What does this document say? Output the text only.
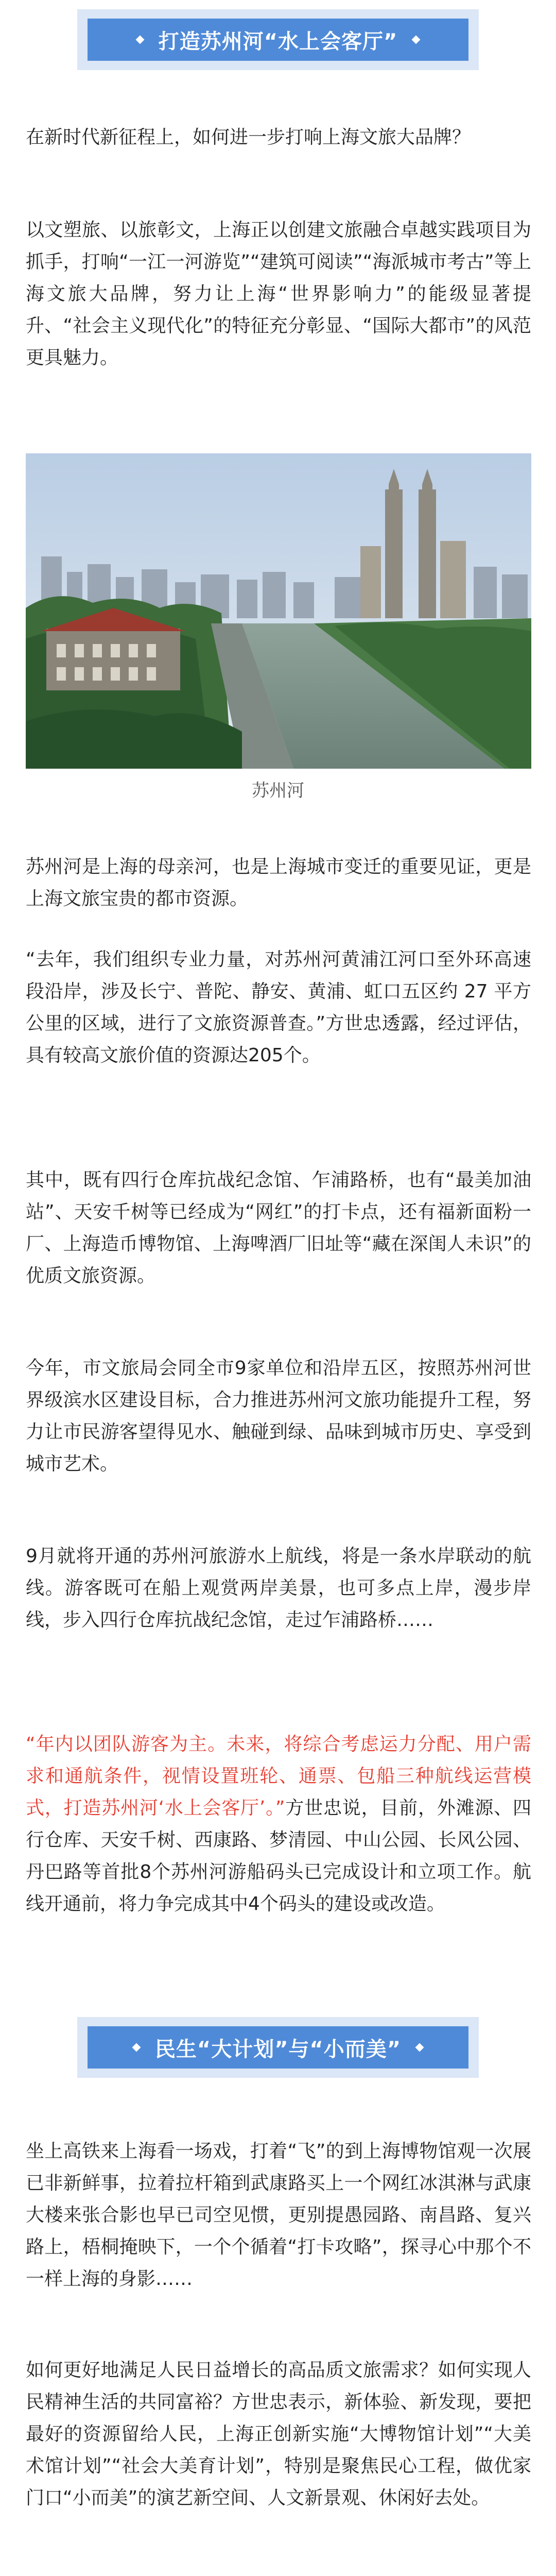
打造苏州河“水上会客厅”

在新时代新征程上，如何进一步打响上海文旅大品牌？

以文塑旅、以旅彰文，上海正以创建文旅融合卓越实践项目为抓手，打响“一江一河游览”“建筑可阅读”“海派城市考古”等上海文旅大品牌，努力让上海“世界影响力”的能级显著提升、“社会主义现代化”的特征充分彰显、“国际大都市”的风范更具魅力。

苏州河

苏州河是上海的母亲河，也是上海城市变迁的重要见证，更是上海文旅宝贵的都市资源。

“去年，我们组织专业力量，对苏州河黄浦江河口至外环高速段沿岸，涉及长宁、普陀、静安、黄浦、虹口五区约 27 平方公里的区域，进行了文旅资源普查。”方世忠透露，经过评估，具有较高文旅价值的资源达205个。

其中，既有四行仓库抗战纪念馆、乍浦路桥，也有“最美加油站”、天安千树等已经成为“网红”的打卡点，还有福新面粉一厂、上海造币博物馆、上海啤酒厂旧址等“藏在深闺人未识”的优质文旅资源。

今年，市文旅局会同全市9家单位和沿岸五区，按照苏州河世界级滨水区建设目标，合力推进苏州河文旅功能提升工程，努力让市民游客望得见水、触碰到绿、品味到城市历史、享受到城市艺术。

9月就将开通的苏州河旅游水上航线，将是一条水岸联动的航线。游客既可在船上观赏两岸美景，也可多点上岸，漫步岸线，步入四行仓库抗战纪念馆，走过乍浦路桥……

“年内以团队游客为主。未来，将综合考虑运力分配、用户需求和通航条件，视情设置班轮、通票、包船三种航线运营模式，打造苏州河‘水上会客厅’。”方世忠说，目前，外滩源、四行仓库、天安千树、西康路、梦清园、中山公园、长风公园、丹巴路等首批8个苏州河游船码头已完成设计和立项工作。航线开通前，将力争完成其中4个码头的建设或改造。

民生“大计划”与“小而美”

坐上高铁来上海看一场戏，打着“飞”的到上海博物馆观一次展已非新鲜事，拉着拉杆箱到武康路买上一个网红冰淇淋与武康大楼来张合影也早已司空见惯，更别提愚园路、南昌路、复兴路上，梧桐掩映下，一个个循着“打卡攻略”，探寻心中那个不一样上海的身影……

如何更好地满足人民日益增长的高品质文旅需求？如何实现人民精神生活的共同富裕？方世忠表示，新体验、新发现，要把最好的资源留给人民，上海正创新实施“大博物馆计划”“大美术馆计划”“社会大美育计划”，特别是聚焦民心工程，做优家门口“小而美”的演艺新空间、人文新景观、休闲好去处。
